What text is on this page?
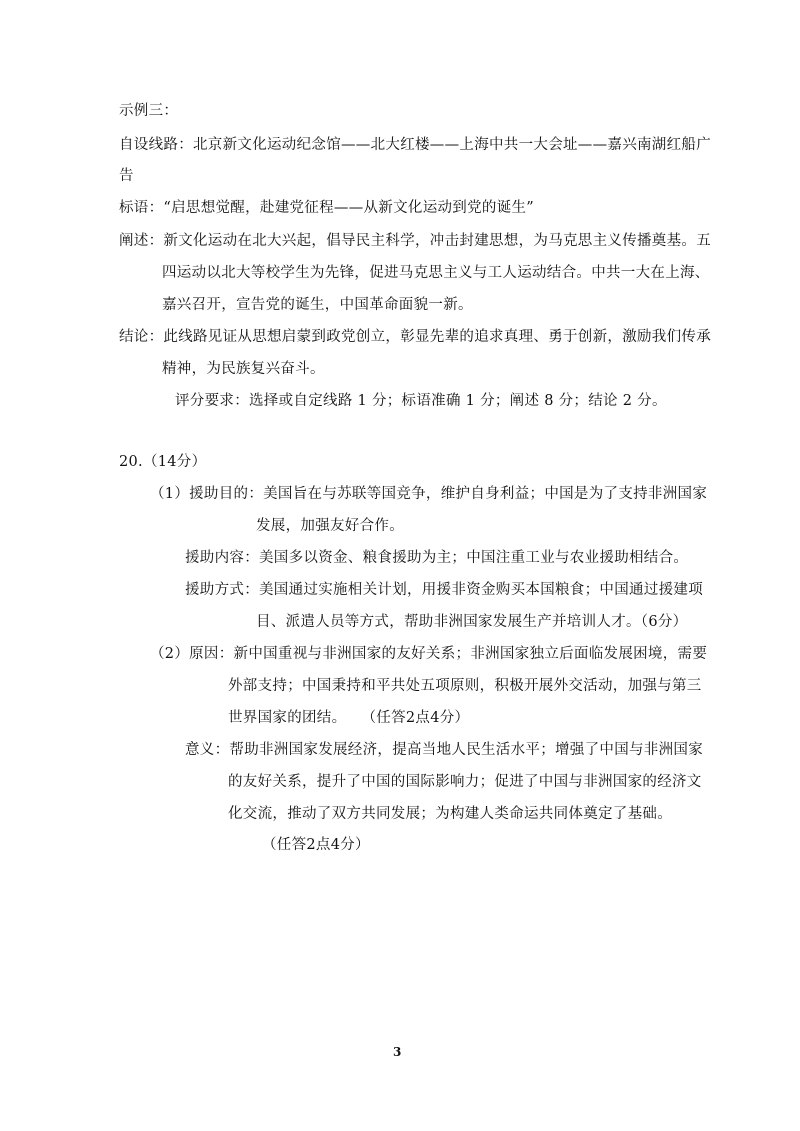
示例三：
自设线路：北京新文化运动纪念馆——北大红楼——上海中共一大会址——嘉兴南湖红船广
告
标语：“启思想觉醒，赴建党征程——从新文化运动到党的诞生”
阐述：新文化运动在北大兴起，倡导民主科学，冲击封建思想，为马克思主义传播奠基。五
四运动以北大等校学生为先锋，促进马克思主义与工人运动结合。中共一大在上海、
嘉兴召开，宣告党的诞生，中国革命面貌一新。
结论：此线路见证从思想启蒙到政党创立，彰显先辈的追求真理、勇于创新，激励我们传承
精神，为民族复兴奋斗。
评分要求：选择或自定线路 1 分；标语准确 1 分；阐述 8 分；结论 2 分。
20.（14分）
（1）援助目的：美国旨在与苏联等国竞争，维护自身利益；中国是为了支持非洲国家
发展，加强友好合作。
援助内容：美国多以资金、粮食援助为主；中国注重工业与农业援助相结合。
援助方式：美国通过实施相关计划，用援非资金购买本国粮食；中国通过援建项
目、派遣人员等方式，帮助非洲国家发展生产并培训人才。（6分）
（2）原因：新中国重视与非洲国家的友好关系；非洲国家独立后面临发展困境，需要
外部支持；中国秉持和平共处五项原则，积极开展外交活动，加强与第三
世界国家的团结。　　（任答2点4分）
意义：帮助非洲国家发展经济，提高当地人民生活水平；增强了中国与非洲国家
的友好关系，提升了中国的国际影响力；促进了中国与非洲国家的经济文
化交流，推动了双方共同发展；为构建人类命运共同体奠定了基础。
（任答2点4分）
3
